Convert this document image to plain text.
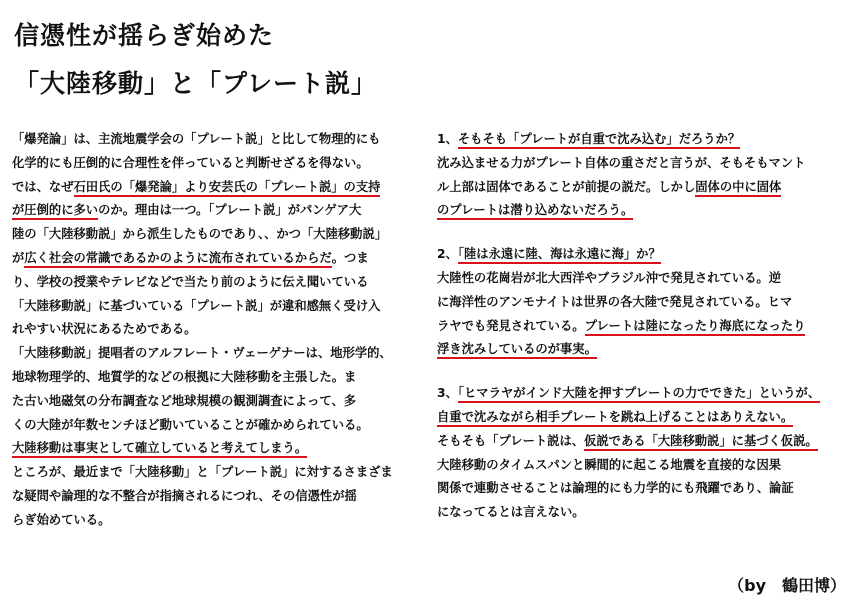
信憑性が揺らぎ始めた
「大陸移動」と「プレート説」
「爆発論」は、主流地震学会の「プレート説」と比して物理的にも
化学的にも圧倒的に合理性を伴っていると判断せざるを得ない。
では、なぜ石田氏の「爆発論」より安芸氏の「プレート説」の支持
が圧倒的に多いのか。理由は一つ。「プレート説」がパンゲア大
陸の「大陸移動説」から派生したものであり、、かつ「大陸移動説」
が広く社会の常識であるかのように流布されているからだ。つま
り、学校の授業やテレビなどで当たり前のように伝え聞いている
「大陸移動説」に基づいている「プレート説」が違和感無く受け入
れやすい状況にあるためである。
「大陸移動説」提唱者のアルフレート・ヴェーゲナーは、地形学的、
地球物理学的、地質学的などの根拠に大陸移動を主張した。ま
た古い地磁気の分布調査など地球規模の観測調査によって、多
くの大陸が年数センチほど動いていることが確かめられている。
大陸移動は事実として確立していると考えてしまう。
ところが、最近まで「大陸移動」と「プレート説」に対するさまざま
な疑問や論理的な不整合が指摘されるにつれ、その信憑性が揺
らぎ始めている。
1、そもそも「プレートが自重で沈み込む」だろうか？
沈み込ませる力がプレート自体の重さだと言うが、そもそもマント
ル上部は固体であることが前提の説だ。しかし固体の中に固体
のプレートは潜り込めないだろう。
2、「陸は永遠に陸、海は永遠に海」か？
大陸性の花崗岩が北大西洋やブラジル沖で発見されている。逆
に海洋性のアンモナイトは世界の各大陸で発見されている。ヒマ
ラヤでも発見されている。プレートは陸になったり海底になったり
浮き沈みしているのが事実。
3、「ヒマラヤがインド大陸を押すプレートの力でできた」というが、
自重で沈みながら相手プレートを跳ね上げることはありえない。
そもそも「プレート説は、仮説である「大陸移動説」に基づく仮説。
大陸移動のタイムスパンと瞬間的に起こる地震を直接的な因果
関係で連動させることは論理的にも力学的にも飛躍であり、論証
になってるとは言えない。
（by　鶴田博）
